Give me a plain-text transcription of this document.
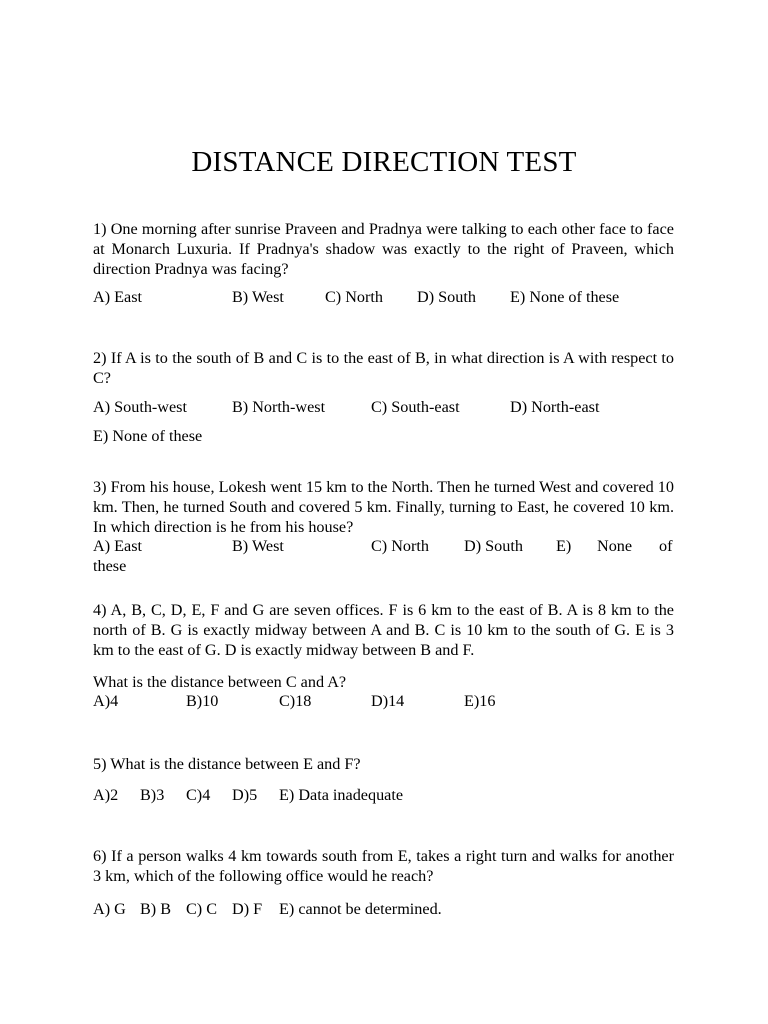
DISTANCE DIRECTION TEST
1) One morning after sunrise Praveen and Pradnya were talking to each other face to face at Monarch Luxuria. If Pradnya's shadow was exactly to the right of Praveen, which direction Pradnya was facing?
A) East	B) West	C) North D) South E) None of these
2) If A is to the south of B and C is to the east of B, in what direction is A with respect to C?
A) South-west	B) North-west	C) South-east	D) North-east
E) None of these
3) From his house, Lokesh went 15 km to the North. Then he turned West and covered 10 km. Then, he turned South and covered 5 km. Finally, turning to East, he covered 10 km. In which direction is he from his house?
A) East	B) West	C) North D) South E) None of
these
4) A, B, C, D, E, F and G are seven offices. F is 6 km to the east of B. A is 8 km to the north of B. G is exactly midway between A and B. C is 10 km to the south of G. E is 3 km to the east of G. D is exactly midway between B and F.
What is the distance between C and A?
A)4	B)10	C)18	D)14	E)16
5) What is the distance between E and F?
A)2 B)3 C)4 D)5 E) Data inadequate
6) If a person walks 4 km towards south from E, takes a right turn and walks for another 3 km, which of the following office would he reach?
A) G B) B C) C D) F E) cannot be determined.
